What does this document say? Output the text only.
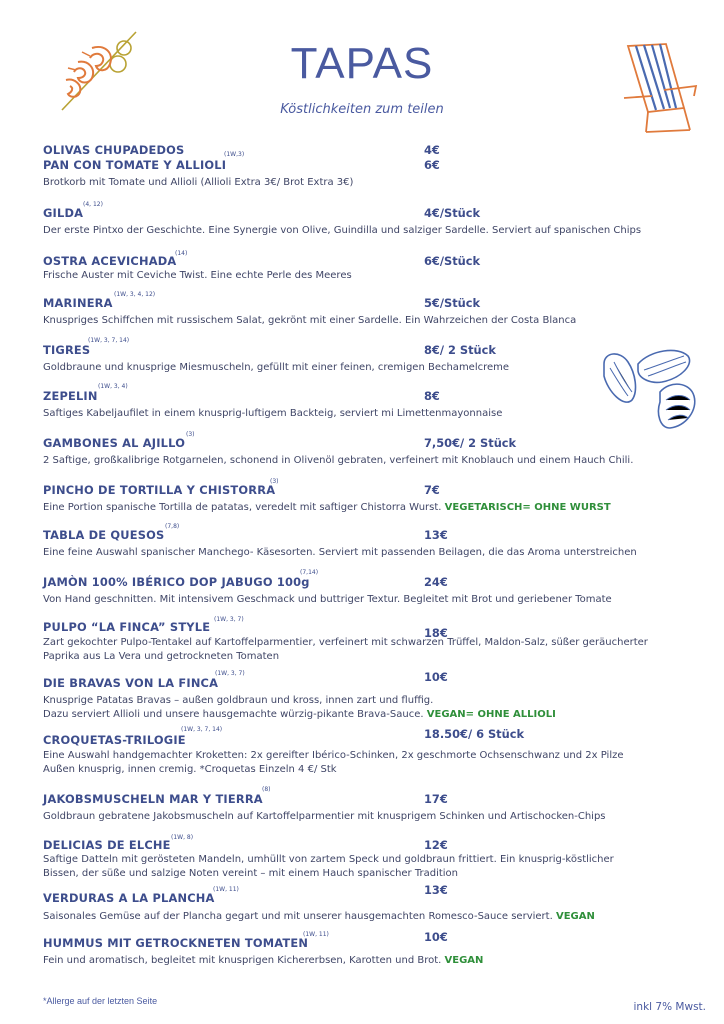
TAPAS
Köstlichkeiten zum teilen
OLIVAS CHUPADEDOS	4€
PAN CON TOMATE Y ALLIOLI
(1W,3)
6€
Brotkorb mit Tomate und Allioli (Allioli Extra 3€/ Brot Extra 3€)
GILDA
(4, 12)
4€/Stück
Der erste Pintxo der Geschichte. Eine Synergie von Olive, Guindilla und salziger Sardelle. Serviert auf spanischen Chips
OSTRA ACEVICHADA
(14)
6€/Stück
Frische Auster mit Ceviche Twist. Eine echte Perle des Meeres
MARINERA
(1W, 3, 4, 12)
5€/Stück
Knuspriges Schiffchen mit russischem Salat, gekrönt mit einer Sardelle. Ein Wahrzeichen der Costa Blanca
TIGRES
(1W, 3, 7, 14)
8€/ 2 Stück
Goldbraune und knusprige Miesmuscheln, gefüllt mit einer feinen, cremigen Bechamelcreme
ZEPELIN
(1W, 3, 4)
8€
Saftiges Kabeljaufilet in einem knusprig-luftigem Backteig, serviert mi Limettenmayonnaise
GAMBONES AL AJILLO
(3)
7,50€/ 2 Stück
2 Saftige, großkalibrige Rotgarnelen, schonend in Olivenöl gebraten, verfeinert mit Knoblauch und einem Hauch Chili.
PINCHO DE TORTILLA Y CHISTORRA
(3)
7€
Eine Portion spanische Tortilla de patatas, veredelt mit saftiger Chistorra Wurst. VEGETARISCH= OHNE WURST
TABLA DE QUESOS
(7,8)
13€
Eine feine Auswahl spanischer Manchego- Käsesorten. Serviert mit passenden Beilagen, die das Aroma unterstreichen
JAMÒN 100% IBÉRICO DOP JABUGO 100g
(7,14)
24€
Von Hand geschnitten. Mit intensivem Geschmack und buttriger Textur. Begleitet mit Brot und geriebener Tomate
PULPO “LA FINCA” STYLE
(1W, 3, 7)
18€
Zart gekochter Pulpo-Tentakel auf Kartoffelparmentier, verfeinert mit schwarzen Trüffel, Maldon-Salz, süßer geräucherter
Paprika aus La Vera und getrockneten Tomaten
DIE BRAVAS VON LA FINCA
(1W, 3, 7)	10€
Knusprige Patatas Bravas – außen goldbraun und kross, innen zart und fluffig.
Dazu serviert Allioli und unsere hausgemachte würzig-pikante Brava-Sauce. VEGAN= OHNE ALLIOLI
CROQUETAS-TRILOGIE
(1W, 3, 7, 14)	18.50€/ 6 Stück
Eine Auswahl handgemachter Kroketten: 2x gereifter Ibérico-Schinken, 2x geschmorte Ochsenschwanz und 2x Pilze
Außen knusprig, innen cremig. *Croquetas Einzeln 4 €/ Stk
JAKOBSMUSCHELN MAR Y TIERRA
(8)
17€
Goldbraun gebratene Jakobsmuscheln auf Kartoffelparmentier mit knusprigem Schinken und Artischocken-Chips
DELICIAS DE ELCHE
(1W, 8)
12€
Saftige Datteln mit gerösteten Mandeln, umhüllt von zartem Speck und goldbraun frittiert. Ein knusprig-köstlicher
Bissen, der süße und salzige Noten vereint – mit einem Hauch spanischer Tradition
VERDURAS A LA PLANCHA
(1W, 11)	13€
Saisonales Gemüse auf der Plancha gegart und mit unserer hausgemachten Romesco-Sauce serviert. VEGAN
HUMMUS MIT GETROCKNETEN TOMATEN
(1W, 11)	10€
Fein und aromatisch, begleitet mit knusprigen Kichererbsen, Karotten und Brot. VEGAN
*Allerge auf der letzten Seite	inkl 7% Mwst.
